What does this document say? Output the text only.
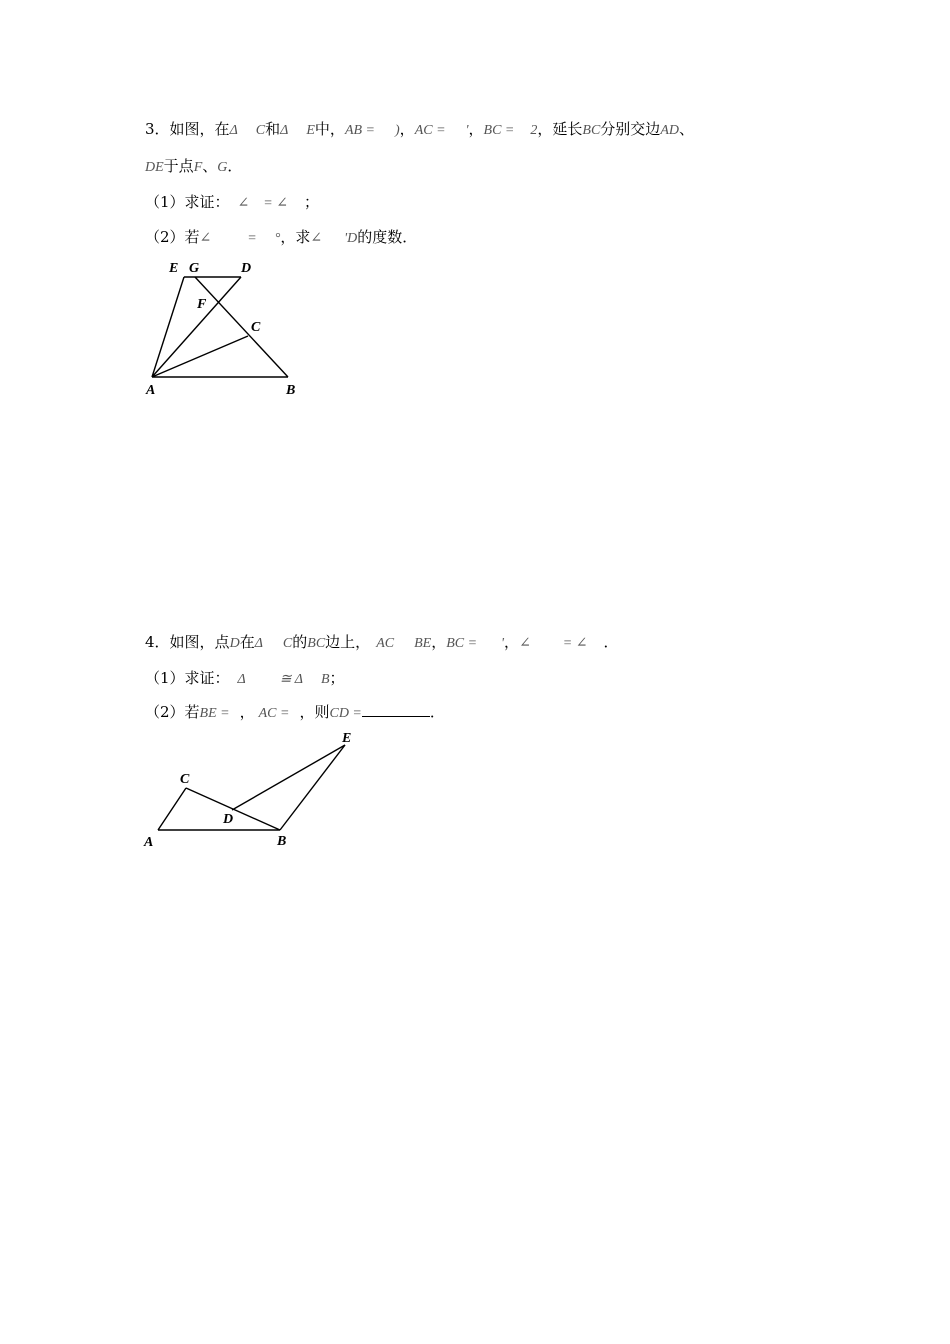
3．如图，在Δ C和Δ E中，AB = )，AC = '，BC = 2，延长BC分别交边AD、
DE于点F、G．
（1）求证： ∠ = ∠ ；
（2）若∠	= °，求∠ 'D的度数．
E G	D
F
C
A	B
4．如图，点D在Δ C的BC边上， AC BE，BC = '，∠ = ∠ ．
（1）求证： Δ ≅ Δ B；
（2）若BE = ， AC = ，则CD =	．
E
C
D
A	B
